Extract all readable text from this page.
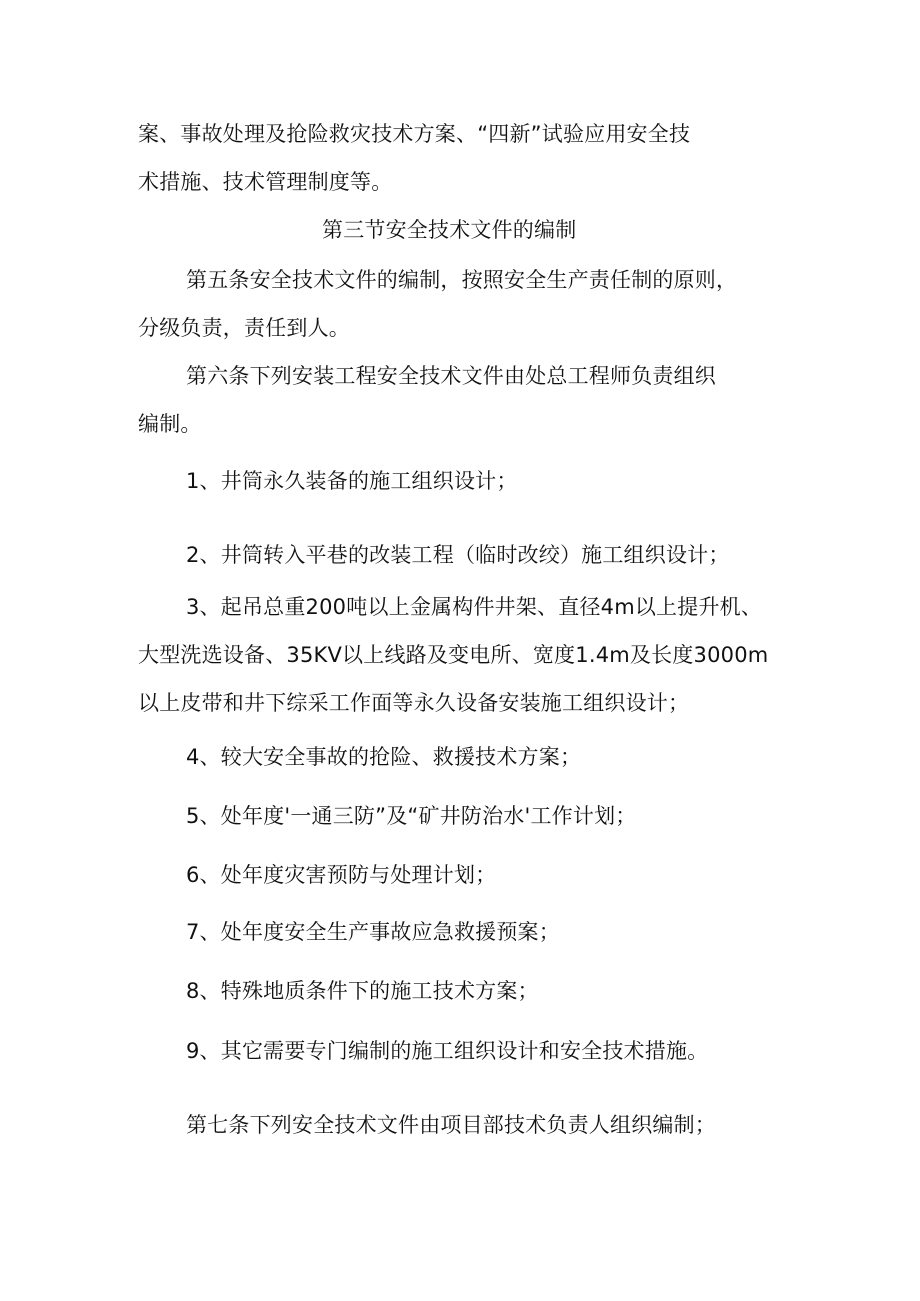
案、事故处理及抢险救灾技术方案、“四新”试验应用安全技
术措施、技术管理制度等。
第三节安全技术文件的编制
第五条安全技术文件的编制，按照安全生产责任制的原则，
分级负责，责任到人。
第六条下列安装工程安全技术文件由处总工程师负责组织
编制。
1、井筒永久装备的施工组织设计；
2、井筒转入平巷的改装工程（临时改绞）施工组织设计；
3、起吊总重200吨以上金属构件井架、直径4m以上提升机、
大型洗选设备、35KV以上线路及变电所、宽度1.4m及长度3000m
以上皮带和井下综采工作面等永久设备安装施工组织设计；
4、较大安全事故的抢险、救援技术方案；
5、处年度'一通三防”及“矿井防治水'工作计划；
6、处年度灾害预防与处理计划；
7、处年度安全生产事故应急救援预案；
8、特殊地质条件下的施工技术方案；
9、其它需要专门编制的施工组织设计和安全技术措施。
第七条下列安全技术文件由项目部技术负责人组织编制；
